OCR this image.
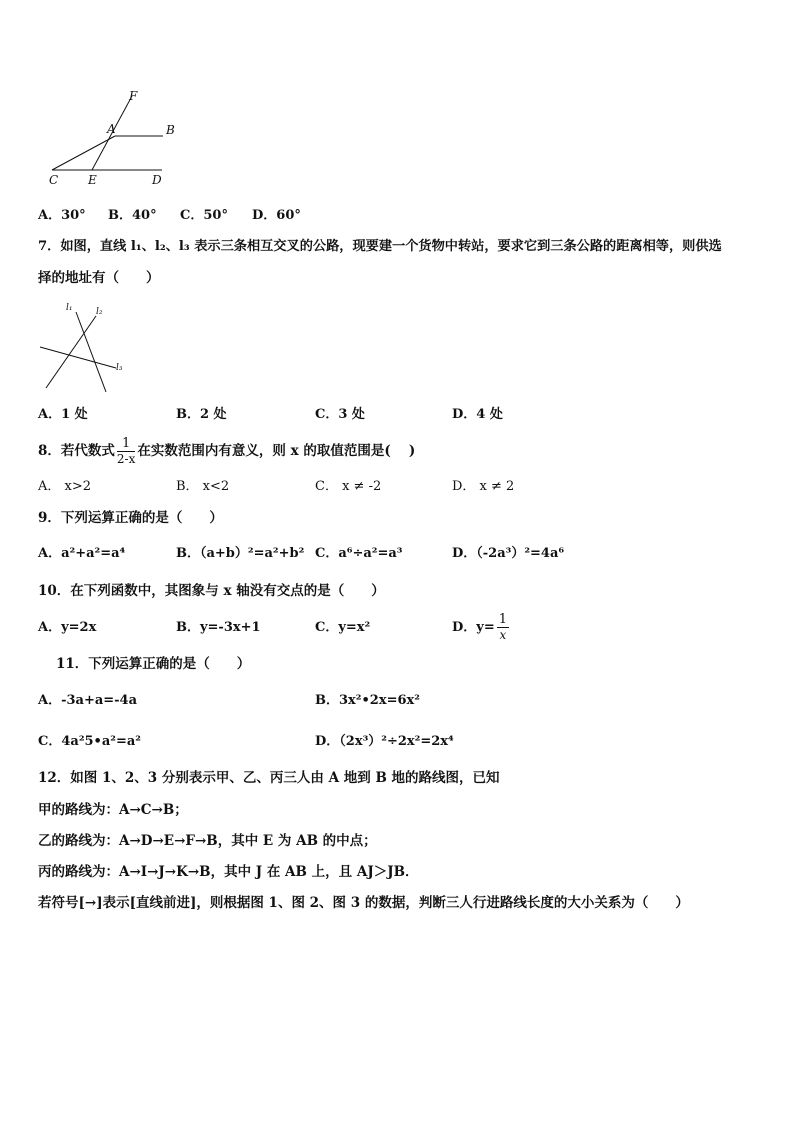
F
A	B
C E	D
A．30° B．40° C．50° D．60°
7．如图，直线 l₁、l₂、l₃ 表示三条相互交叉的公路，现要建一个货物中转站，要求它到三条公路的距离相等，则供选
择的地址有（　　）
l₁	l₂
l₃
A．1 处	B．2 处	C．3 处	D．4 处
8．若代数式 $\frac{1}{2-x}$ 在实数范围内有意义，则 x 的取值范围是(　 )
A． x>2	B． x<2	C． x ≠ -2	D． x ≠ 2
9．下列运算正确的是（　　）
A．a²+a²=a⁴	B．（a+b）²=a²+b² C．a⁶÷a²=a³	D．（-2a³）²=4a⁶
10．在下列函数中，其图象与 x 轴没有交点的是（　　）
A．y=2x	B．y=-3x+1	C．y=x²	D．$y= \frac{1}{x}$
11．下列运算正确的是（　　）
A．-3a+a=-4a	B．3x²•2x=6x²
C．4a²5•a²=a²	D．（2x³）²÷2x²=2x⁴
12．如图 1、2、3 分别表示甲、乙、丙三人由 A 地到 B 地的路线图，已知
甲的路线为：A→C→B；
乙的路线为：A→D→E→F→B，其中 E 为 AB 的中点；
丙的路线为：A→I→J→K→B，其中 J 在 AB 上，且 AJ＞JB．
若符号[→]表示[直线前进]，则根据图 1、图 2、图 3 的数据，判断三人行进路线长度的大小关系为（　　）
